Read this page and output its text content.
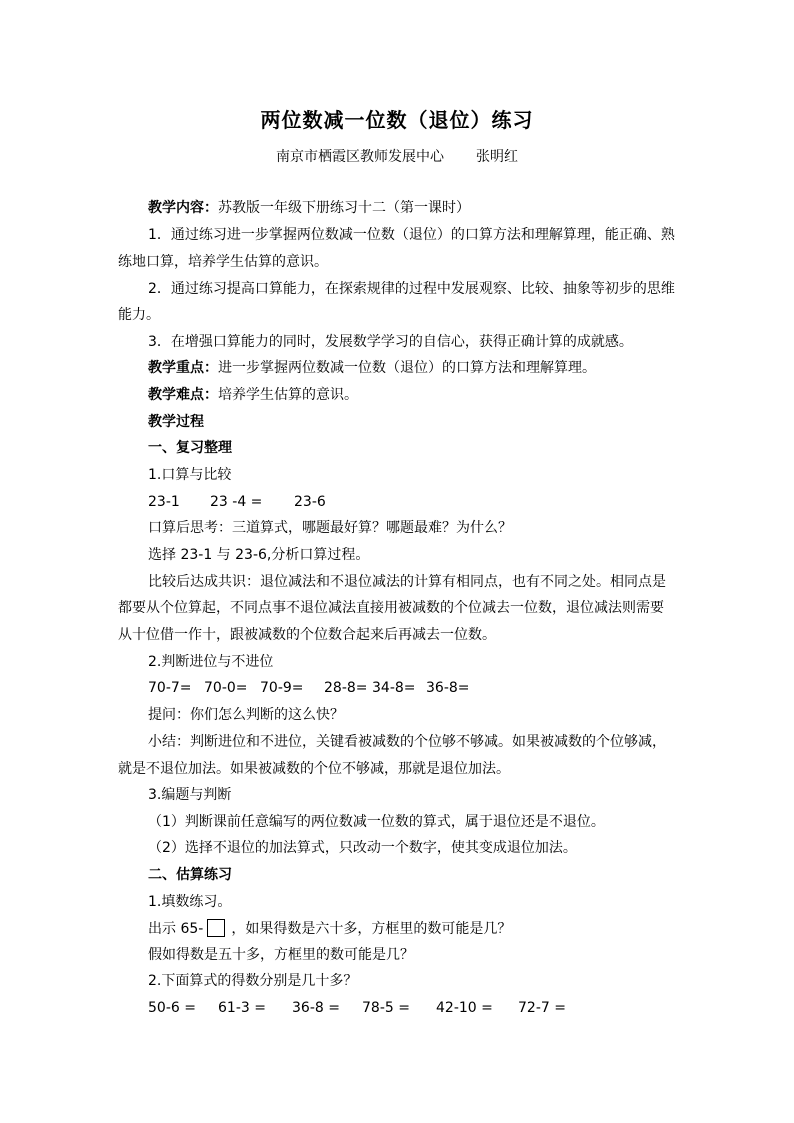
两位数减一位数（退位）练习
南京市栖霞区教师发展中心 张明红
教学内容：苏教版一年级下册练习十二（第一课时）
1．通过练习进一步掌握两位数减一位数（退位）的口算方法和理解算理，能正确、熟
练地口算，培养学生估算的意识。
2．通过练习提高口算能力，在探索规律的过程中发展观察、比较、抽象等初步的思维
能力。
3．在增强口算能力的同时，发展数学学习的自信心，获得正确计算的成就感。
教学重点：进一步掌握两位数减一位数（退位）的口算方法和理解算理。
教学难点：培养学生估算的意识。
教学过程
一、复习整理
1.口算与比较
23-1 23 -4 = 23-6
口算后思考：三道算式，哪题最好算？哪题最难？为什么？
选择 23-1 与 23-6,分析口算过程。
比较后达成共识：退位减法和不退位减法的计算有相同点，也有不同之处。相同点是
都要从个位算起，不同点事不退位减法直接用被减数的个位减去一位数，退位减法则需要
从十位借一作十，跟被减数的个位数合起来后再减去一位数。
2.判断进位与不进位
70-7= 70-0= 70-9= 28-8= 34-8= 36-8=
提问：你们怎么判断的这么快？
小结：判断进位和不进位，关键看被减数的个位够不够减。如果被减数的个位够减，
就是不退位加法。如果被减数的个位不够减，那就是退位加法。
3.编题与判断
（1）判断课前任意编写的两位数减一位数的算式，属于退位还是不退位。
（2）选择不退位的加法算式，只改动一个数字，使其变成退位加法。
二、估算练习
1.填数练习。
出示 65- ，如果得数是六十多，方框里的数可能是几？
假如得数是五十多，方框里的数可能是几？
2.下面算式的得数分别是几十多？
50-6 = 61-3 = 36-8 = 78-5 = 42-10 = 72-7 =
